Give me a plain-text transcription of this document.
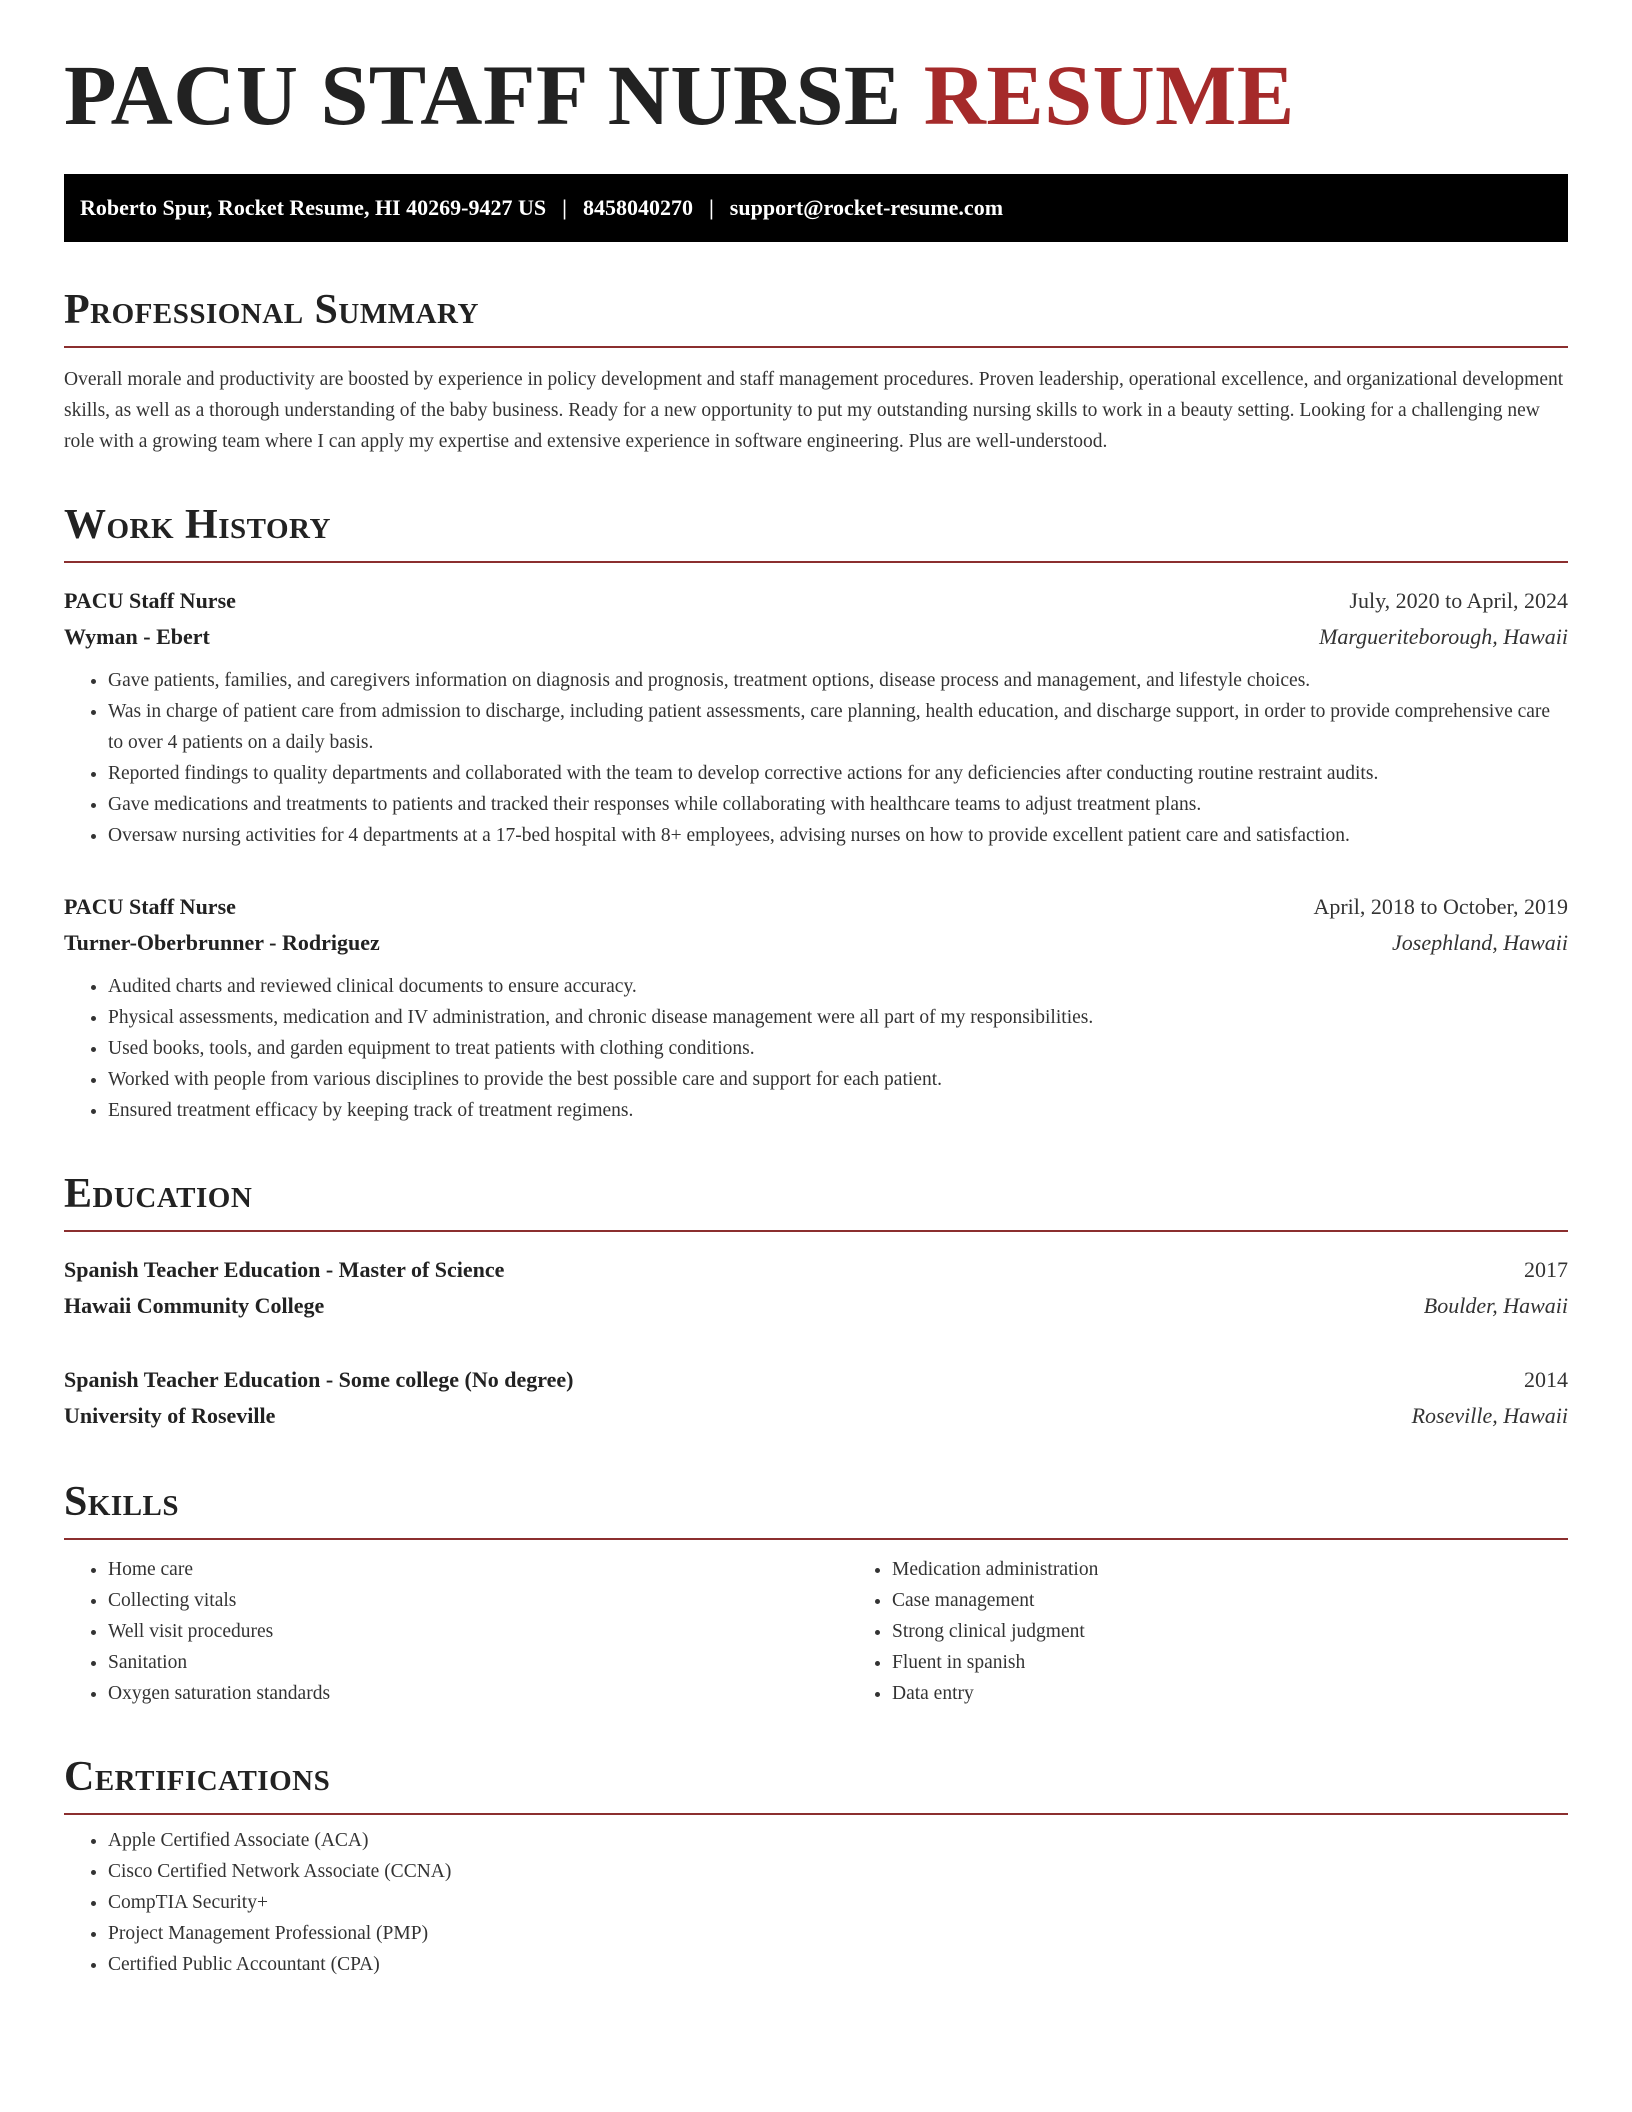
PACU STAFF NURSE RESUME
Roberto Spur, Rocket Resume, HI 40269-9427 US | 8458040270 | support@rocket-resume.com
Professional Summary

Overall morale and productivity are boosted by experience in policy development and staff management procedures. Proven leadership, operational excellence, and organizational development skills, as well as a thorough understanding of the baby business. Ready for a new opportunity to put my outstanding nursing skills to work in a beauty setting. Looking for a challenging new role with a growing team where I can apply my expertise and extensive experience in software engineering. Plus are well-understood.

Work History
PACU Staff Nurse	July, 2020 to April, 2024
Wyman - Ebert	Margueriteborough, Hawaii
• Gave patients, families, and caregivers information on diagnosis and prognosis, treatment options, disease process and management, and lifestyle choices.
• Was in charge of patient care from admission to discharge, including patient assessments, care planning, health education, and discharge support, in order to provide comprehensive care to over 4 patients on a daily basis.
• Reported findings to quality departments and collaborated with the team to develop corrective actions for any deficiencies after conducting routine restraint audits.
• Gave medications and treatments to patients and tracked their responses while collaborating with healthcare teams to adjust treatment plans.
• Oversaw nursing activities for 4 departments at a 17-bed hospital with 8+ employees, advising nurses on how to provide excellent patient care and satisfaction.
PACU Staff Nurse	April, 2018 to October, 2019
Turner-Oberbrunner - Rodriguez	Josephland, Hawaii
• Audited charts and reviewed clinical documents to ensure accuracy.
• Physical assessments, medication and IV administration, and chronic disease management were all part of my responsibilities.
• Used books, tools, and garden equipment to treat patients with clothing conditions.
• Worked with people from various disciplines to provide the best possible care and support for each patient.
• Ensured treatment efficacy by keeping track of treatment regimens.
Education
Spanish Teacher Education - Master of Science	2017
Hawaii Community College	Boulder, Hawaii
Spanish Teacher Education - Some college (No degree)	2014
University of Roseville	Roseville, Hawaii
Skills
• Home care
• Collecting vitals
• Well visit procedures
• Sanitation
• Oxygen saturation standards
• Medication administration
• Case management
• Strong clinical judgment
• Fluent in spanish
• Data entry
Certifications
• Apple Certified Associate (ACA)
• Cisco Certified Network Associate (CCNA)
• CompTIA Security+
• Project Management Professional (PMP)
• Certified Public Accountant (CPA)
